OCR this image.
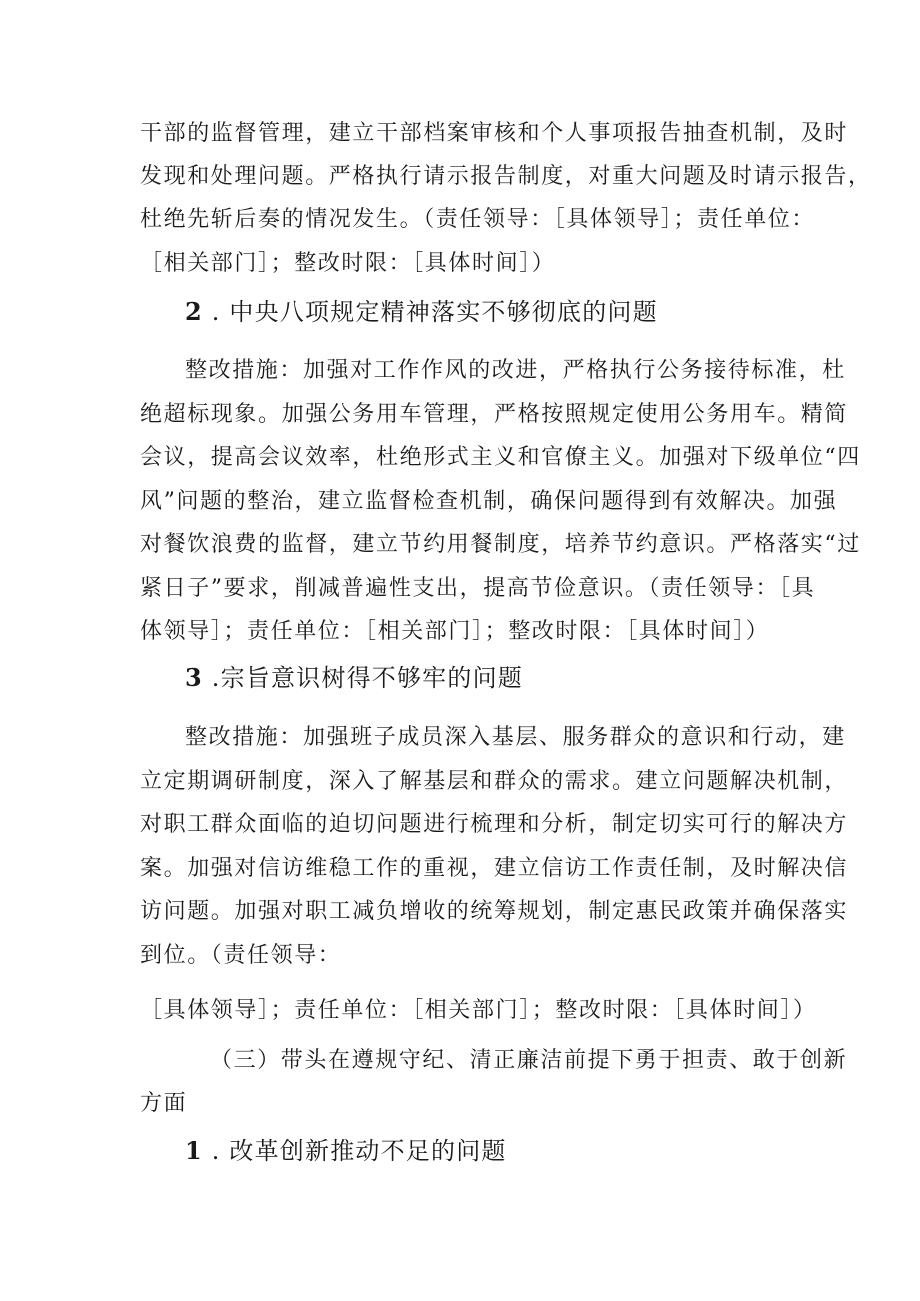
干部的监督管理，建立干部档案审核和个人事项报告抽查机制，及时
发现和处理问题。严格执行请示报告制度，对重大问题及时请示报告，
杜绝先斩后奏的情况发生。（责任领导：［具体领导］；责任单位：
［相关部门］；整改时限：［具体时间］）
2 . 中央八项规定精神落实不够彻底的问题
整改措施：加强对工作作风的改进，严格执行公务接待标准，杜
绝超标现象。加强公务用车管理，严格按照规定使用公务用车。精简
会议，提高会议效率，杜绝形式主义和官僚主义。加强对下级单位“四
风”问题的整治，建立监督检查机制，确保问题得到有效解决。加强
对餐饮浪费的监督，建立节约用餐制度，培养节约意识。严格落实“过
紧日子”要求，削减普遍性支出，提高节俭意识。（责任领导：［具
体领导］；责任单位：［相关部门］；整改时限：［具体时间］）
3 .宗旨意识树得不够牢的问题
整改措施：加强班子成员深入基层、服务群众的意识和行动，建
立定期调研制度，深入了解基层和群众的需求。建立问题解决机制，
对职工群众面临的迫切问题进行梳理和分析，制定切实可行的解决方
案。加强对信访维稳工作的重视，建立信访工作责任制，及时解决信
访问题。加强对职工减负增收的统筹规划，制定惠民政策并确保落实
到位。（责任领导：
［具体领导］；责任单位：［相关部门］；整改时限：［具体时间］）
（三）带头在遵规守纪、清正廉洁前提下勇于担责、敢于创新
方面
1 . 改革创新推动不足的问题
